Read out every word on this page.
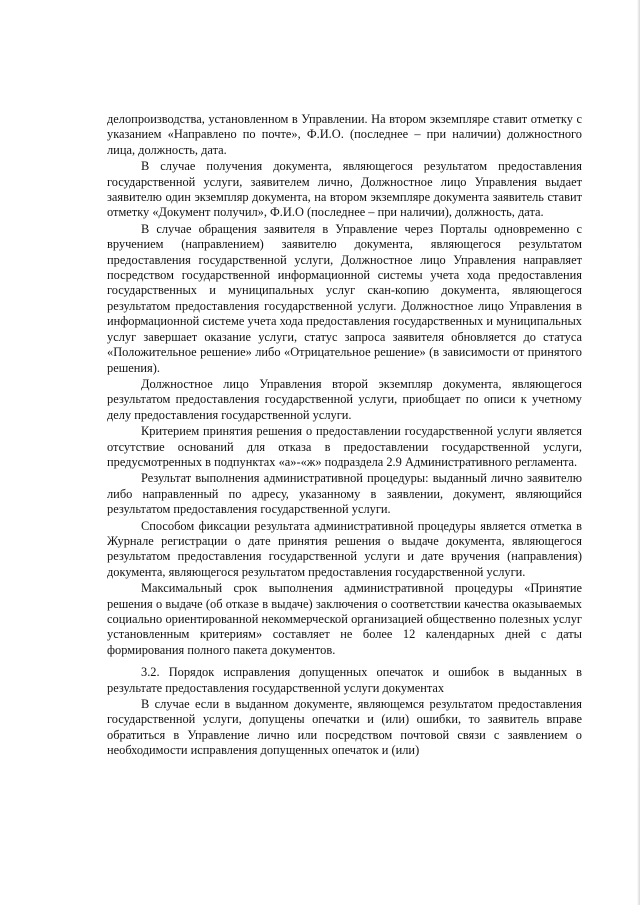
делопроизводства, установленном в Управлении. На втором экземпляре ставит отметку с указанием «Направлено по почте», Ф.И.О. (последнее – при наличии) должностного лица, должность, дата.

В случае получения документа, являющегося результатом предоставления государственной услуги, заявителем лично, Должностное лицо Управления выдает заявителю один экземпляр документа, на втором экземпляре документа заявитель ставит отметку «Документ получил», Ф.И.О (последнее – при наличии), должность, дата.

В случае обращения заявителя в Управление через Порталы одновременно с вручением (направлением) заявителю документа, являющегося результатом предоставления государственной услуги, Должностное лицо Управления направляет посредством государственной информационной системы учета хода предоставления государственных и муниципальных услуг скан-копию документа, являющегося результатом предоставления государственной услуги. Должностное лицо Управления в информационной системе учета хода предоставления государственных и муниципальных услуг завершает оказание услуги, статус запроса заявителя обновляется до статуса «Положительное решение» либо «Отрицательное решение» (в зависимости от принятого решения).

Должностное лицо Управления второй экземпляр документа, являющегося результатом предоставления государственной услуги, приобщает по описи к учетному делу предоставления государственной услуги.

Критерием принятия решения о предоставлении государственной услуги является отсутствие оснований для отказа в предоставлении государственной услуги, предусмотренных в подпунктах «а»-«ж» подраздела 2.9 Административного регламента.

Результат выполнения административной процедуры: выданный лично заявителю либо направленный по адресу, указанному в заявлении, документ, являющийся результатом предоставления государственной услуги.

Способом фиксации результата административной процедуры является отметка в Журнале регистрации о дате принятия решения о выдаче документа, являющегося результатом предоставления государственной услуги и дате вручения (направления) документа, являющегося результатом предоставления государственной услуги.

Максимальный срок выполнения административной процедуры «Принятие решения о выдаче (об отказе в выдаче) заключения о соответствии качества оказываемых социально ориентированной некоммерческой организацией общественно полезных услуг установленным критериям» составляет не более 12 календарных дней с даты формирования полного пакета документов.

3.2. Порядок исправления допущенных опечаток и ошибок в выданных в результате предоставления государственной услуги документах

В случае если в выданном документе, являющемся результатом предоставления государственной услуги, допущены опечатки и (или) ошибки, то заявитель вправе обратиться в Управление лично или посредством почтовой связи с заявлением о необходимости исправления допущенных опечаток и (или)
